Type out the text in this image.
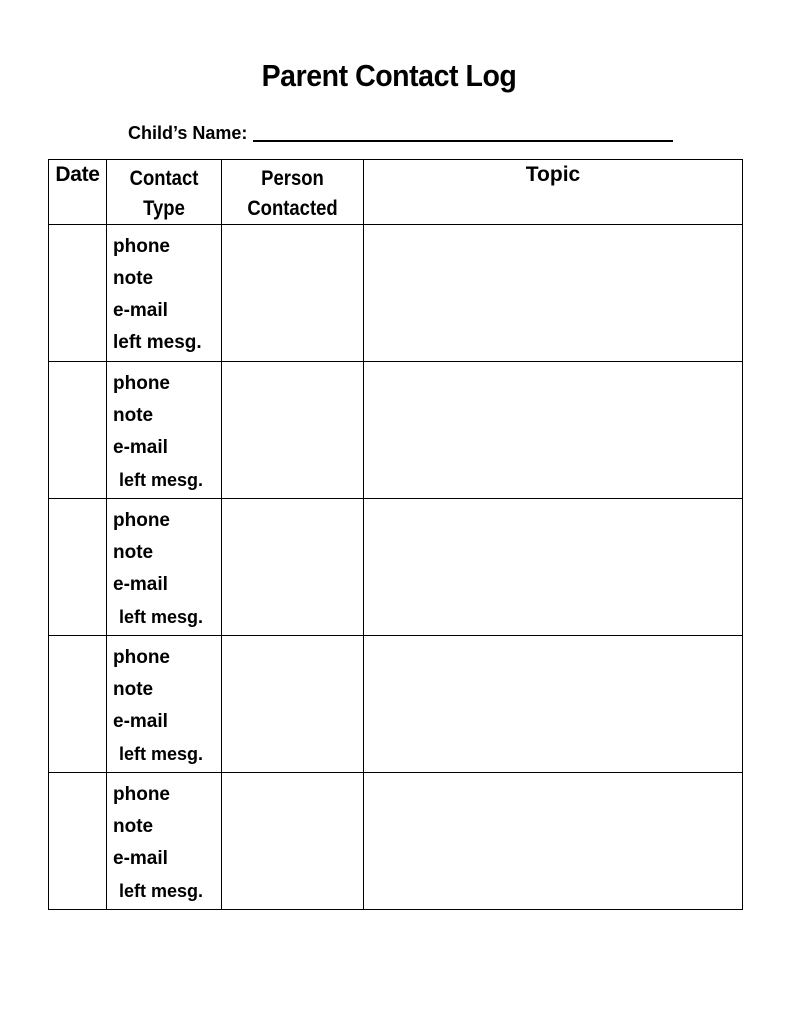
Parent Contact Log
Child’s Name:
Date	Contact Type	Person Contacted	Topic

	phone
note
e-mail
left mesg.		

	phone
note
e-mail
left mesg.		

	phone
note
e-mail
left mesg.		

	phone
note
e-mail
left mesg.		

	phone
note
e-mail
left mesg.		
